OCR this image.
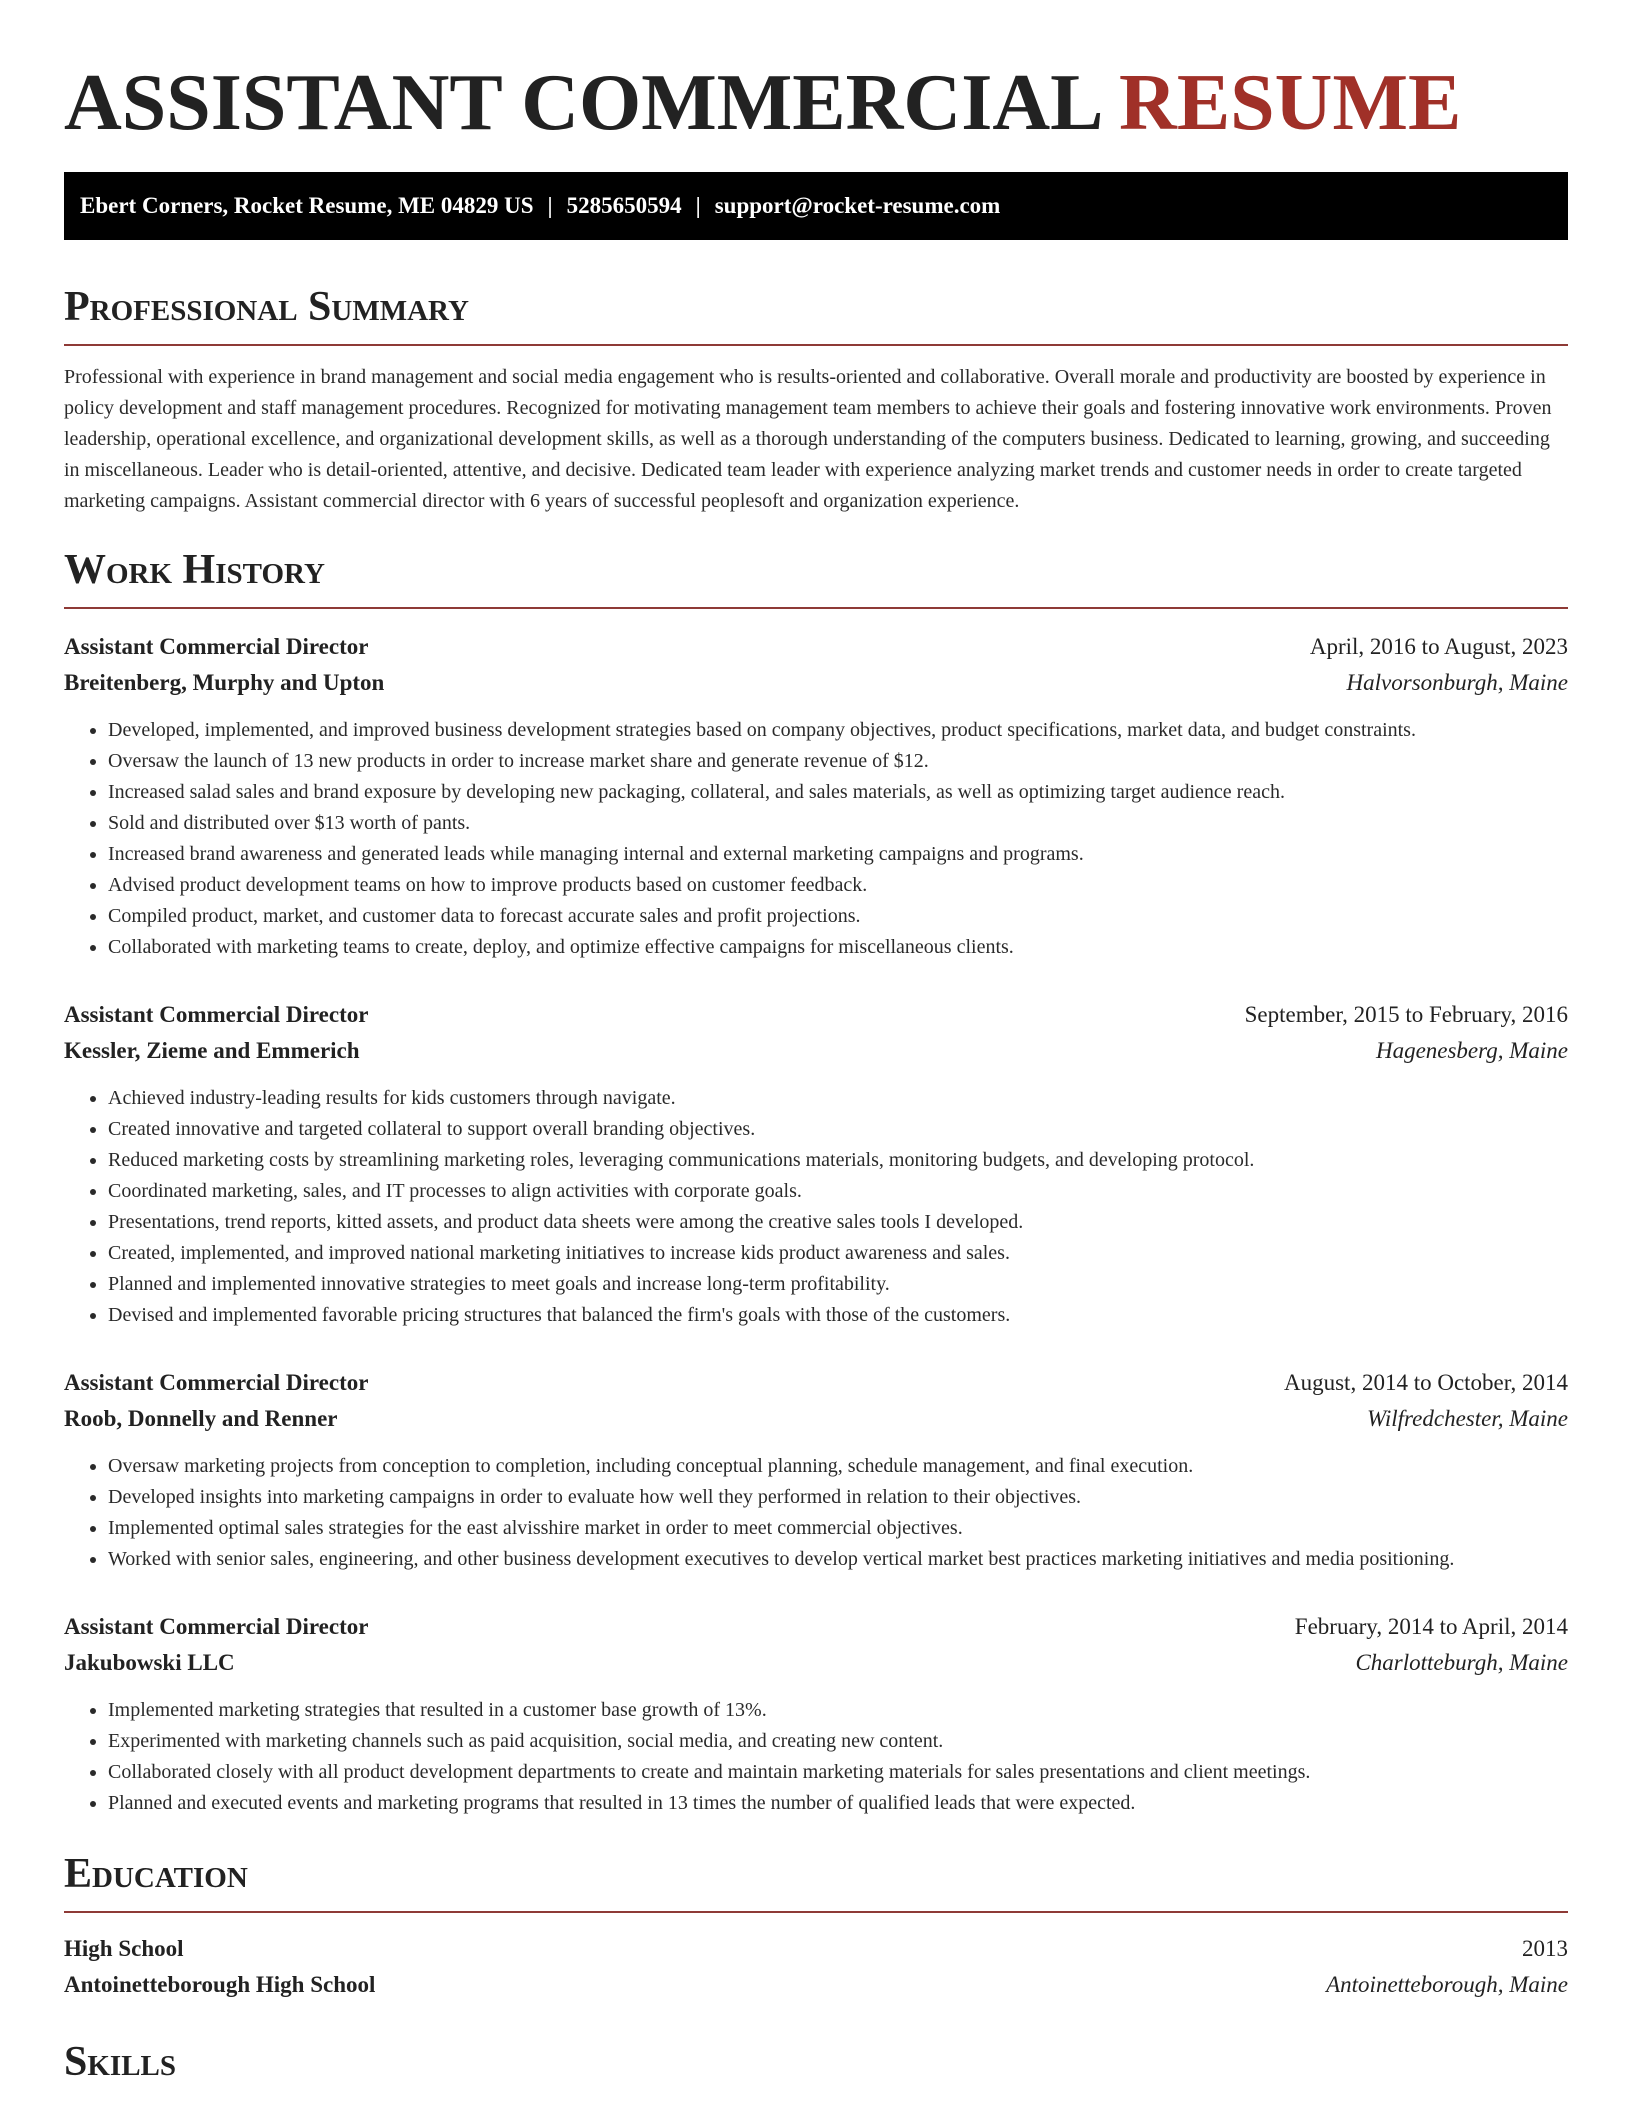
ASSISTANT COMMERCIAL RESUME
Ebert Corners, Rocket Resume, ME 04829 US | 5285650594 | support@rocket-resume.com
Professional Summary
Professional with experience in brand management and social media engagement who is results-oriented and collaborative. Overall morale and productivity are boosted by experience in policy development and staff management procedures. Recognized for motivating management team members to achieve their goals and fostering innovative work environments. Proven leadership, operational excellence, and organizational development skills, as well as a thorough understanding of the computers business. Dedicated to learning, growing, and succeeding in miscellaneous. Leader who is detail-oriented, attentive, and decisive. Dedicated team leader with experience analyzing market trends and customer needs in order to create targeted marketing campaigns. Assistant commercial director with 6 years of successful peoplesoft and organization experience.
Work History
Assistant Commercial Director	April, 2016 to August, 2023
Breitenberg, Murphy and Upton	Halvorsonburgh, Maine
• Developed, implemented, and improved business development strategies based on company objectives, product specifications, market data, and budget constraints.
• Oversaw the launch of 13 new products in order to increase market share and generate revenue of $12.
• Increased salad sales and brand exposure by developing new packaging, collateral, and sales materials, as well as optimizing target audience reach.
• Sold and distributed over $13 worth of pants.
• Increased brand awareness and generated leads while managing internal and external marketing campaigns and programs.
• Advised product development teams on how to improve products based on customer feedback.
• Compiled product, market, and customer data to forecast accurate sales and profit projections.
• Collaborated with marketing teams to create, deploy, and optimize effective campaigns for miscellaneous clients.
Assistant Commercial Director	September, 2015 to February, 2016
Kessler, Zieme and Emmerich	Hagenesberg, Maine
• Achieved industry-leading results for kids customers through navigate.
• Created innovative and targeted collateral to support overall branding objectives.
• Reduced marketing costs by streamlining marketing roles, leveraging communications materials, monitoring budgets, and developing protocol.
• Coordinated marketing, sales, and IT processes to align activities with corporate goals.
• Presentations, trend reports, kitted assets, and product data sheets were among the creative sales tools I developed.
• Created, implemented, and improved national marketing initiatives to increase kids product awareness and sales.
• Planned and implemented innovative strategies to meet goals and increase long-term profitability.
• Devised and implemented favorable pricing structures that balanced the firm's goals with those of the customers.
Assistant Commercial Director	August, 2014 to October, 2014
Roob, Donnelly and Renner	Wilfredchester, Maine
• Oversaw marketing projects from conception to completion, including conceptual planning, schedule management, and final execution.
• Developed insights into marketing campaigns in order to evaluate how well they performed in relation to their objectives.
• Implemented optimal sales strategies for the east alvisshire market in order to meet commercial objectives.
• Worked with senior sales, engineering, and other business development executives to develop vertical market best practices marketing initiatives and media positioning.
Assistant Commercial Director	February, 2014 to April, 2014
Jakubowski LLC	Charlotteburgh, Maine
• Implemented marketing strategies that resulted in a customer base growth of 13%.
• Experimented with marketing channels such as paid acquisition, social media, and creating new content.
• Collaborated closely with all product development departments to create and maintain marketing materials for sales presentations and client meetings.
• Planned and executed events and marketing programs that resulted in 13 times the number of qualified leads that were expected.
Education
High School	2013
Antoinetteborough High School	Antoinetteborough, Maine
Skills
